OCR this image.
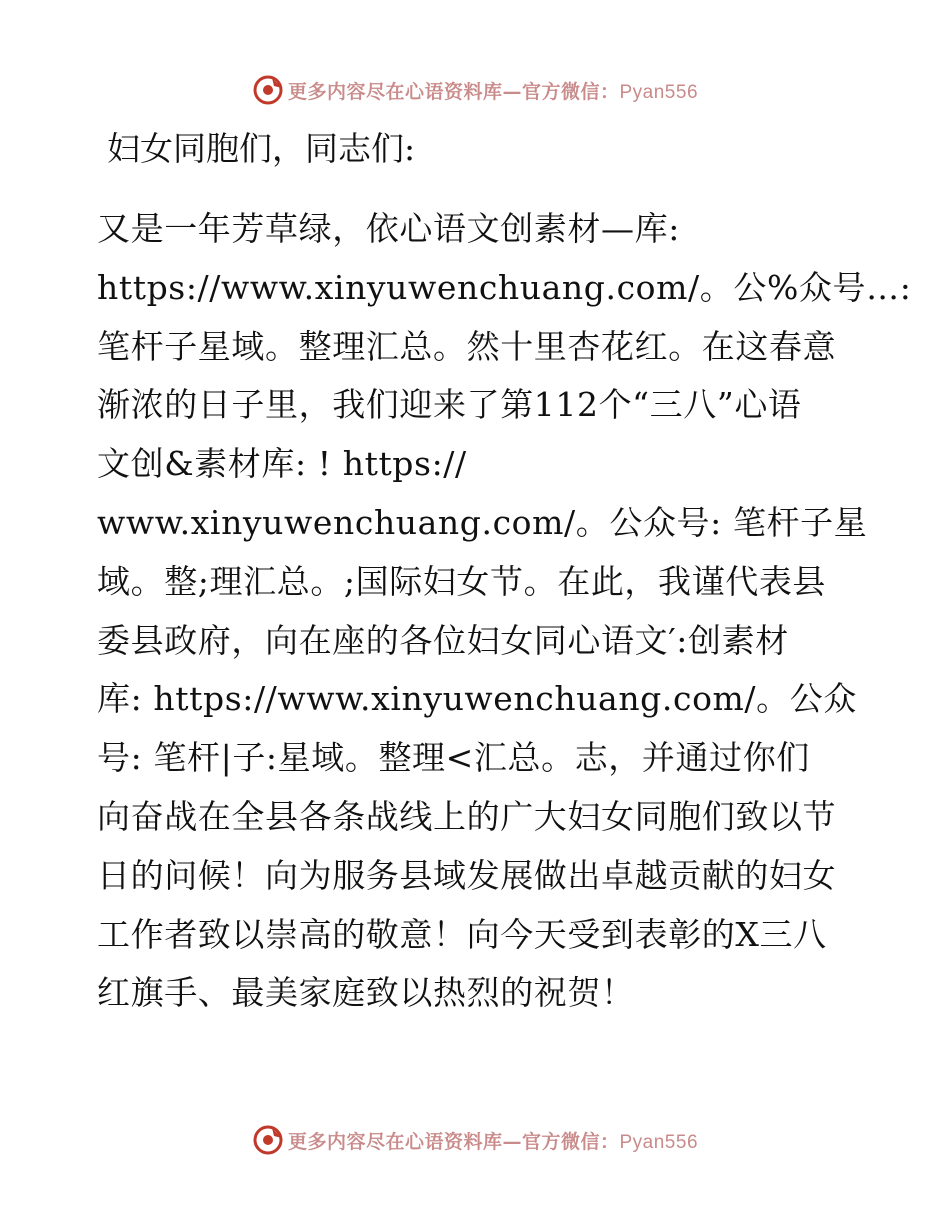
更多内容尽在心语资料库—官方微信：Pyan556

妇女同胞们，同志们:

又是一年芳草绿，依心语文创素材—库:
https://www.xinyuwenchuang.com/。公%众号…:
笔杆子星域。整理汇总。然十里杏花红。在这春意
渐浓的日子里，我们迎来了第112个“三八”心语
文创&素材库: ! https://
www.xinyuwenchuang.com/。公众号: 笔杆子星
域。整;理汇总。;国际妇女节。在此，我谨代表县
委县政府，向在座的各位妇女同心语文′:创素材
库: https://www.xinyuwenchuang.com/。公众
号: 笔杆|子:星域。整理<汇总。志，并通过你们
向奋战在全县各条战线上的广大妇女同胞们致以节
日的问候！向为服务县域发展做出卓越贡献的妇女
工作者致以崇高的敬意！向今天受到表彰的X三八
红旗手、最美家庭致以热烈的祝贺！
更多内容尽在心语资料库—官方微信：Pyan556
